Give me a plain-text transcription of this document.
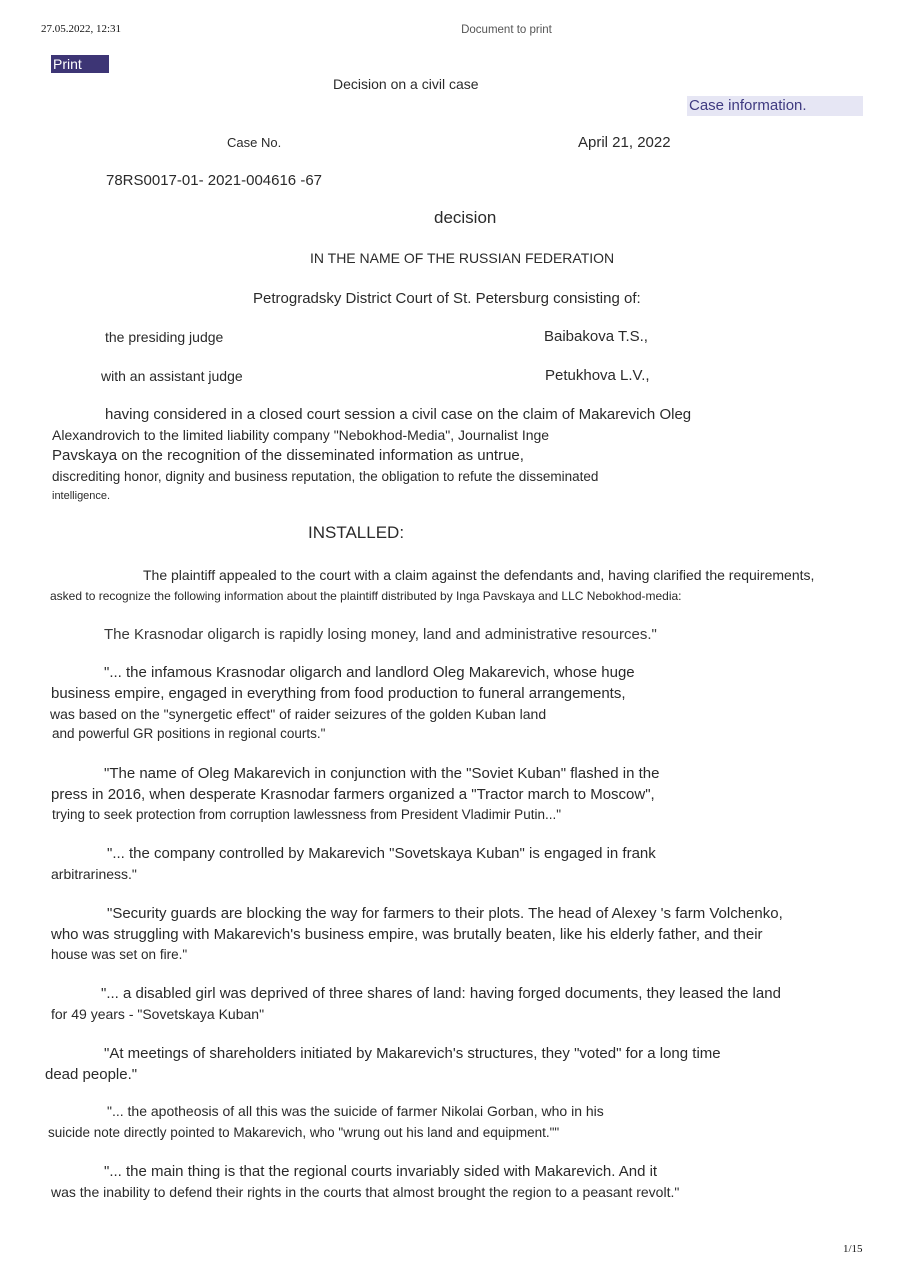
27.05.2022, 12:31	Document to print
Print
Case information.
Decision on a civil case
Case No.	April 21, 2022
78RS0017-01- 2021-004616 -67
decision
IN THE NAME OF THE RUSSIAN FEDERATION
Petrogradsky District Court of St. Petersburg consisting of:
the presiding judge	Baibakova T.S.,
with an assistant judge	Petukhova L.V.,
having considered in a closed court session a civil case on the claim of Makarevich Oleg
Alexandrovich to the limited liability company "Nebokhod-Media", Journalist Inge
Pavskaya on the recognition of the disseminated information as untrue,
discrediting honor, dignity and business reputation, the obligation to refute the disseminated
intelligence.
INSTALLED:
The plaintiff appealed to the court with a claim against the defendants and, having clarified the requirements,
asked to recognize the following information about the plaintiff distributed by Inga Pavskaya and LLC Nebokhod-media:
The Krasnodar oligarch is rapidly losing money, land and administrative resources."
"... the infamous Krasnodar oligarch and landlord Oleg Makarevich, whose huge
business empire, engaged in everything from food production to funeral arrangements,
was based on the "synergetic effect" of raider seizures of the golden Kuban land
and powerful GR positions in regional courts."
"The name of Oleg Makarevich in conjunction with the "Soviet Kuban" flashed in the
press in 2016, when desperate Krasnodar farmers organized a "Tractor march to Moscow",
trying to seek protection from corruption lawlessness from President Vladimir Putin..."
"... the company controlled by Makarevich "Sovetskaya Kuban" is engaged in frank
arbitrariness."
"Security guards are blocking the way for farmers to their plots. The head of Alexey 's farm Volchenko,
who was struggling with Makarevich's business empire, was brutally beaten, like his elderly father, and their
house was set on fire."
"... a disabled girl was deprived of three shares of land: having forged documents, they leased the land
for 49 years - "Sovetskaya Kuban"
"At meetings of shareholders initiated by Makarevich's structures, they "voted" for a long time
dead people."
"... the apotheosis of all this was the suicide of farmer Nikolai Gorban, who in his
suicide note directly pointed to Makarevich, who "wrung out his land and equipment.""
"... the main thing is that the regional courts invariably sided with Makarevich. And it
was the inability to defend their rights in the courts that almost brought the region to a peasant revolt."
1/15
